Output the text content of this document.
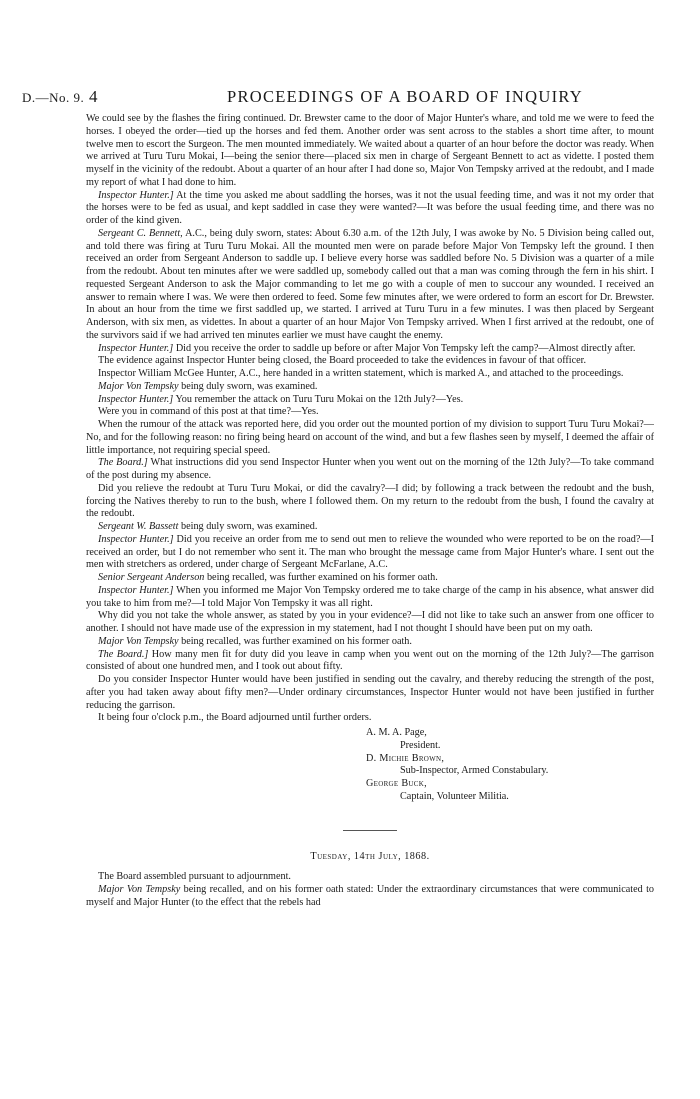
D.—No. 9. 4	PROCEEDINGS OF A BOARD OF INQUIRY

We could see by the flashes the firing continued. Dr. Brewster came to the door of Major Hunter's whare, and told me we were to feed the horses. I obeyed the order—tied up the horses and fed them. Another order was sent across to the stables a short time after, to mount twelve men to escort the Surgeon. The men mounted immediately. We waited about a quarter of an hour before the doctor was ready. When we arrived at Turu Turu Mokai, I—being the senior there—placed six men in charge of Sergeant Bennett to act as vidette. I posted them myself in the vicinity of the redoubt. About a quarter of an hour after I had done so, Major Von Tempsky arrived at the redoubt, and I made my report of what I had done to him.

Inspector Hunter.] At the time you asked me about saddling the horses, was it not the usual feeding time, and was it not my order that the horses were to be fed as usual, and kept saddled in case they were wanted?—It was before the usual feeding time, and there was no order of the kind given.

Sergeant C. Bennett, A.C., being duly sworn, states: About 6.30 a.m. of the 12th July, I was awoke by No. 5 Division being called out, and told there was firing at Turu Turu Mokai. All the mounted men were on parade before Major Von Tempsky left the ground. I then received an order from Sergeant Anderson to saddle up. I believe every horse was saddled before No. 5 Division was a quarter of a mile from the redoubt. About ten minutes after we were saddled up, somebody called out that a man was coming through the fern in his shirt. I requested Sergeant Anderson to ask the Major commanding to let me go with a couple of men to succour any wounded. I received an answer to remain where I was. We were then ordered to feed. Some few minutes after, we were ordered to form an escort for Dr. Brewster. In about an hour from the time we first saddled up, we started. I arrived at Turu Turu in a few minutes. I was then placed by Sergeant Anderson, with six men, as videttes. In about a quarter of an hour Major Von Tempsky arrived. When I first arrived at the redoubt, one of the survivors said if we had arrived ten minutes earlier we must have caught the enemy.

Inspector Hunter.] Did you receive the order to saddle up before or after Major Von Tempsky left the camp?—Almost directly after.

The evidence against Inspector Hunter being closed, the Board proceeded to take the evidences in favour of that officer.

Inspector William McGee Hunter, A.C., here handed in a written statement, which is marked A., and attached to the proceedings.

Major Von Tempsky being duly sworn, was examined.

Inspector Hunter.] You remember the attack on Turu Turu Mokai on the 12th July?—Yes.

Were you in command of this post at that time?—Yes.

When the rumour of the attack was reported here, did you order out the mounted portion of my division to support Turu Turu Mokai?—No, and for the following reason: no firing being heard on account of the wind, and but a few flashes seen by myself, I deemed the affair of little importance, not requiring special speed.

The Board.] What instructions did you send Inspector Hunter when you went out on the morning of the 12th July?—To take command of the post during my absence.

Did you relieve the redoubt at Turu Turu Mokai, or did the cavalry?—I did; by following a track between the redoubt and the bush, forcing the Natives thereby to run to the bush, where I followed them. On my return to the redoubt from the bush, I found the cavalry at the redoubt.

Sergeant W. Bassett being duly sworn, was examined.

Inspector Hunter.] Did you receive an order from me to send out men to relieve the wounded who were reported to be on the road?—I received an order, but I do not remember who sent it. The man who brought the message came from Major Hunter's whare. I sent out the men with stretchers as ordered, under charge of Sergeant McFarlane, A.C.

Senior Sergeant Anderson being recalled, was further examined on his former oath.

Inspector Hunter.] When you informed me Major Von Tempsky ordered me to take charge of the camp in his absence, what answer did you take to him from me?—I told Major Von Tempsky it was all right.

Why did you not take the whole answer, as stated by you in your evidence?—I did not like to take such an answer from one officer to another. I should not have made use of the expression in my statement, had I not thought I should have been put on my oath.

Major Von Tempsky being recalled, was further examined on his former oath.

The Board.] How many men fit for duty did you leave in camp when you went out on the morning of the 12th July?—The garrison consisted of about one hundred men, and I took out about fifty.

Do you consider Inspector Hunter would have been justified in sending out the cavalry, and thereby reducing the strength of the post, after you had taken away about fifty men?—Under ordinary circumstances, Inspector Hunter would not have been justified in further reducing the garrison.

It being four o'clock p.m., the Board adjourned until further orders.

A. M. A. Page,
President.
D. Michie Brown,
Sub-Inspector, Armed Constabulary.
George Buck,
Captain, Volunteer Militia.

Tuesday, 14th July, 1868.

The Board assembled pursuant to adjournment.

Major Von Tempsky being recalled, and on his former oath stated: Under the extraordinary circumstances that were communicated to myself and Major Hunter (to the effect that the rebels had
